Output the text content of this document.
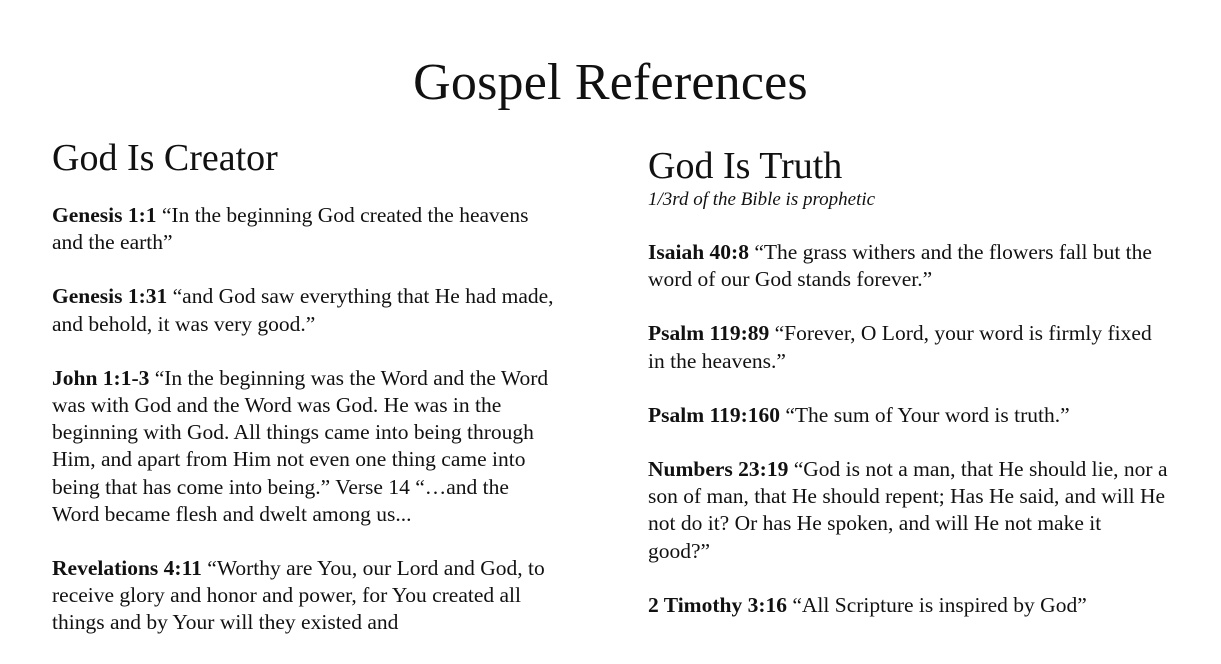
Gospel References
God Is Creator

Genesis 1:1 “In the beginning God created the heavens and the earth”

Genesis 1:31 “and God saw everything that He had made, and behold, it was very good.”

John 1:1-3 “In the beginning was the Word and the Word was with God and the Word was God. He was in the beginning with God. All things came into being through Him, and apart from Him not even one thing came into being that has come into being.” Verse 14 “…and the Word became flesh and dwelt among us...

Revelations 4:11 “Worthy are You, our Lord and God, to receive glory and honor and power, for You created all things and by Your will they existed and

God Is Truth
1/3rd of the Bible is prophetic

Isaiah 40:8 “The grass withers and the flowers fall but the word of our God stands forever.”

Psalm 119:89 “Forever, O Lord, your word is firmly fixed in the heavens.”

Psalm 119:160 “The sum of Your word is truth.”

Numbers 23:19 “God is not a man, that He should lie, nor a son of man, that He should repent; Has He said, and will He not do it? Or has He spoken, and will He not make it good?”

2 Timothy 3:16 “All Scripture is inspired by God”
